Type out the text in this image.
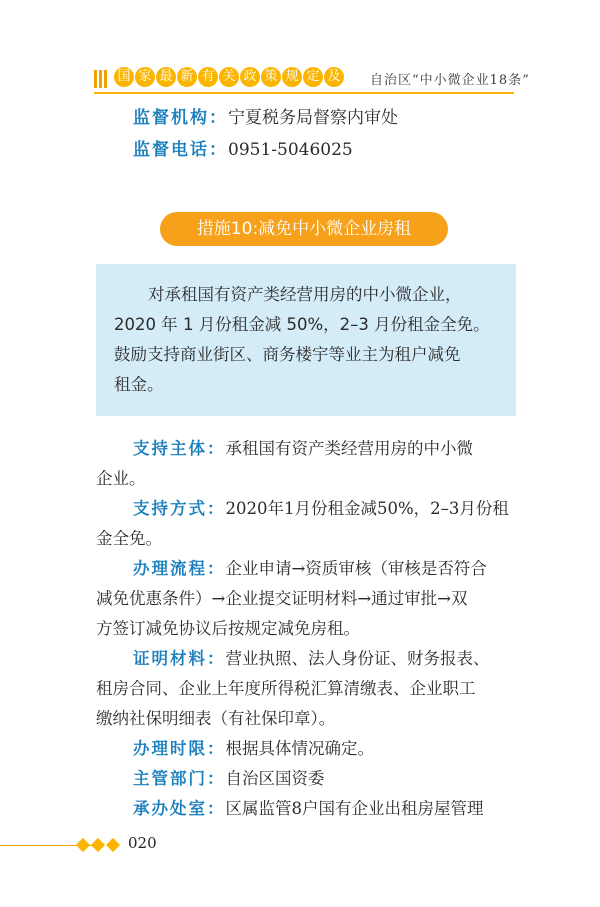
国 家 最 新 有 关 政 策 规 定 及 自治区“中小微企业18条”
监督机构：宁夏税务局督察内审处
监督电话：0951-5046025
措施10:减免中小微企业房租

对承租国有资产类经营用房的中小微企业，

2020 年 1 月份租金减 50%，2–3 月份租金全免。

鼓励支持商业街区、商务楼宇等业主为租户减免

租金。

支持主体：承租国有资产类经营用房的中小微
企业。
支持方式：2020年1月份租金减50%，2–3月份租
金全免。
办理流程：企业申请→资质审核（审核是否符合
减免优惠条件）→企业提交证明材料→通过审批→双
方签订减免协议后按规定减免房租。
证明材料：营业执照、法人身份证、财务报表、
租房合同、企业上年度所得税汇算清缴表、企业职工
缴纳社保明细表（有社保印章）。
办理时限：根据具体情况确定。
主管部门：自治区国资委
承办处室：区属监管8户国有企业出租房屋管理
020
